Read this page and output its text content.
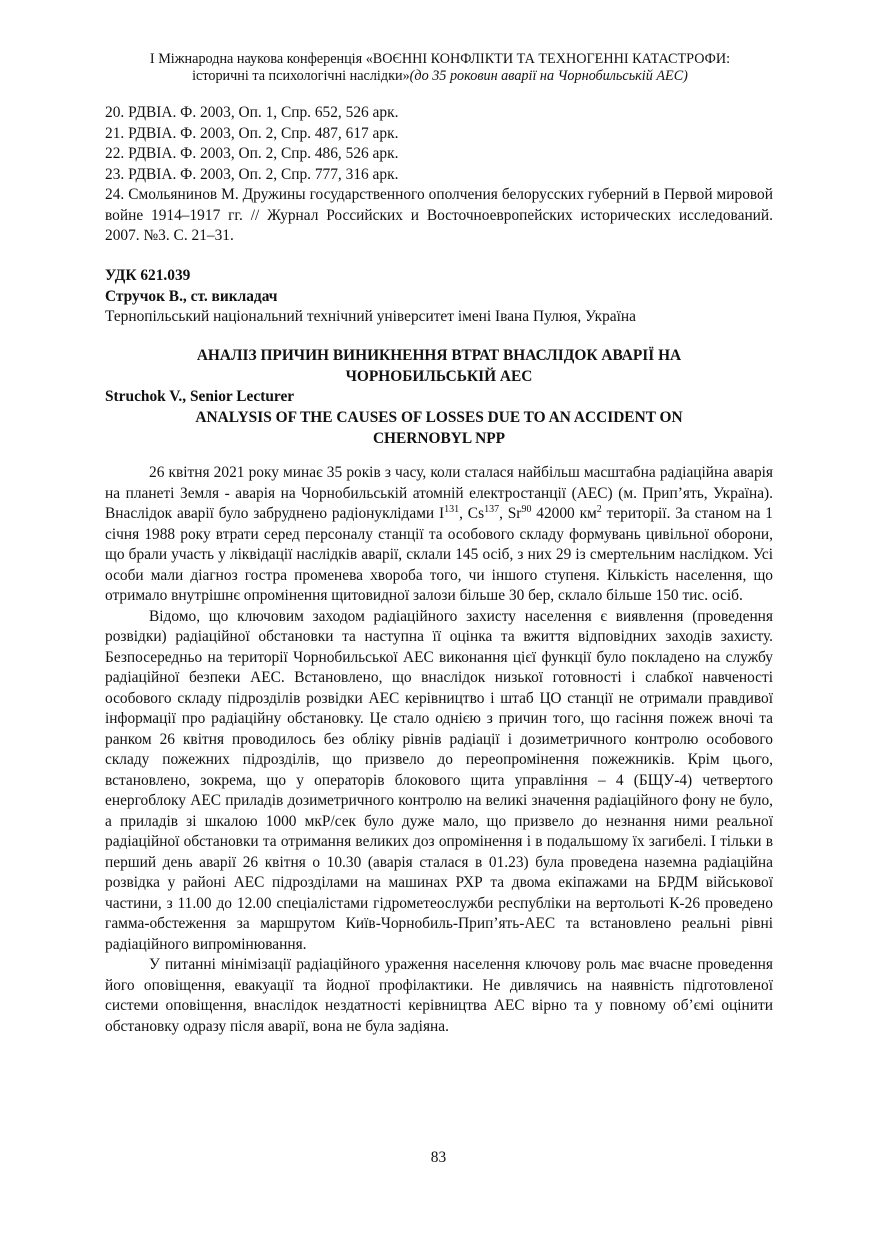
І Міжнародна наукова конференція «ВОЄННІ КОНФЛІКТИ ТА ТЕХНОГЕННІ КАТАСТРОФИ:
історичні та психологічні наслідки»(до 35 роковин аварії на Чорнобильській АЕС)

20. РДВІА. Ф. 2003, Оп. 1, Спр. 652, 526 арк.

21. РДВІА. Ф. 2003, Оп. 2, Спр. 487, 617 арк.

22. РДВІА. Ф. 2003, Оп. 2, Спр. 486, 526 арк.

23. РДВІА. Ф. 2003, Оп. 2, Спр. 777, 316 арк.

24. Смольянинов М. Дружины государственного ополчения белорусских губерний в Первой мировой войне 1914–1917 гг. // Журнал Российских и Восточноевропейских исторических исследований. 2007. №3. С. 21–31.

УДК 621.039
Стручок В., ст. викладач
Тернопільський національний технічний університет імені Івана Пулюя, Україна
АНАЛІЗ ПРИЧИН ВИНИКНЕННЯ ВТРАТ ВНАСЛІДОК АВАРІЇ НА
ЧОРНОБИЛЬСЬКІЙ АЕС
Struchok V., Senior Lecturer
ANALYSIS OF THE CAUSES OF LOSSES DUE TO AN ACCIDENT ON
CHERNOBYL NPP

26 квітня 2021 року минає 35 років з часу, коли сталася найбільш масштабна радіаційна аварія на планеті Земля - аварія на Чорнобильській атомній електростанції (АЕС) (м. Прип’ять, Україна). Внаслідок аварії було забруднено радіонуклідами $I^{131}$, Cs$^{137}$, Sr$^{90}$ 42000 $км^2$ території. За станом на 1 січня 1988 року втрати серед персоналу станції та особового складу формувань цивільної оборони, що брали участь у ліквідації наслідків аварії, склали 145 осіб, з них 29 із смертельним наслідком. Усі особи мали діагноз гостра променева хвороба того, чи іншого ступеня. Кількість населення, що отримало внутрішнє опромінення щитовидної залози більше 30 бер, склало більше 150 тис. осіб.

Відомо, що ключовим заходом радіаційного захисту населення є виявлення (проведення розвідки) радіаційної обстановки та наступна її оцінка та вжиття відповідних заходів захисту. Безпосередньо на території Чорнобильської АЕС виконання цієї функції було покладено на службу радіаційної безпеки АЕС. Встановлено, що внаслідок низької готовності і слабкої навченості особового складу підрозділів розвідки АЕС керівництво і штаб ЦО станції не отримали правдивої інформації про радіаційну обстановку. Це стало однією з причин того, що гасіння пожеж вночі та ранком 26 квітня проводилось без обліку рівнів радіації і дозиметричного контролю особового складу пожежних підрозділів, що призвело до переопромінення пожежників. Крім цього, встановлено, зокрема, що у операторів блокового щита управління – 4 (БЩУ-4) четвертого енергоблоку АЕС приладів дозиметричного контролю на великі значення радіаційного фону не було, а приладів зі шкалою 1000 мкР/сек було дуже мало, що призвело до незнання ними реальної радіаційної обстановки та отримання великих доз опромінення і в подальшому їх загибелі. І тільки в перший день аварії 26 квітня о 10.30 (аварія сталася в 01.23) була проведена наземна радіаційна розвідка у районі АЕС підрозділами на машинах РХР та двома екіпажами на БРДМ військової частини, з 11.00 до 12.00 спеціалістами гідрометеослужби республіки на вертольоті К-26 проведено гамма-обстеження за маршрутом Київ-Чорнобиль-Прип’ять-АЕС та встановлено реальні рівні радіаційного випромінювання.

У питанні мінімізації радіаційного ураження населення ключову роль має вчасне проведення його оповіщення, евакуації та йодної профілактики. Не дивлячись на наявність підготовленої системи оповіщення, внаслідок нездатності керівництва АЕС вірно та у повному об’ємі оцінити обстановку одразу після аварії, вона не була задіяна.

83
